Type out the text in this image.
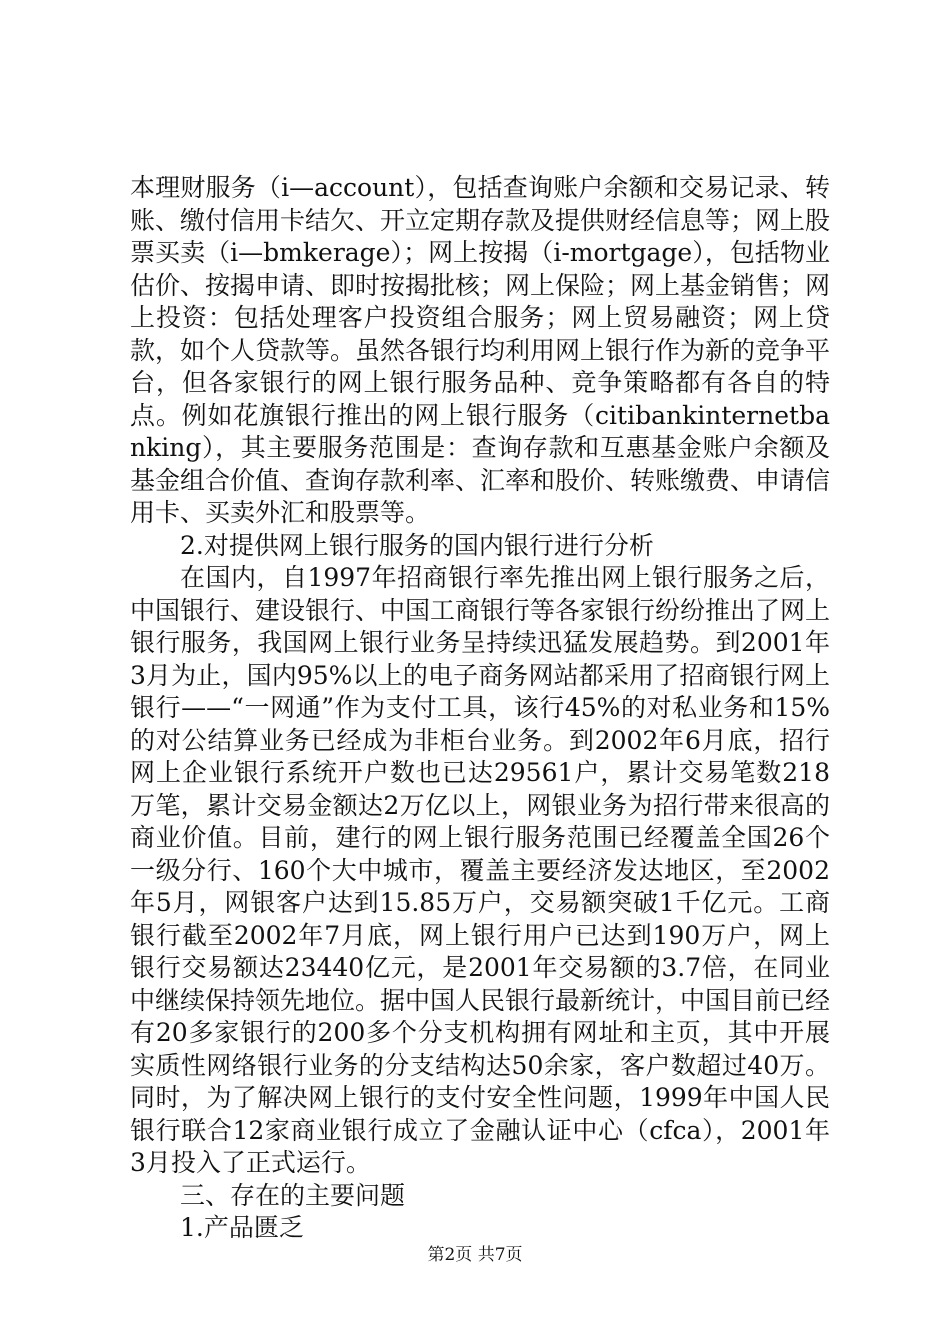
本理财服务（i—account），包括查询账户余额和交易记录、转账、缴付信用卡结欠、开立定期存款及提供财经信息等；网上股票买卖（i—bmkerage）；网上按揭（i-mortgage），包括物业估价、按揭申请、即时按揭批核；网上保险；网上基金销售；网上投资：包括处理客户投资组合服务；网上贸易融资；网上贷款，如个人贷款等。虽然各银行均利用网上银行作为新的竞争平台，但各家银行的网上银行服务品种、竞争策略都有各自的特点。例如花旗银行推出的网上银行服务（citibankinternetbanking），其主要服务范围是：查询存款和互惠基金账户余额及基金组合价值、查询存款利率、汇率和股价、转账缴费、申请信用卡、买卖外汇和股票等。

2.对提供网上银行服务的国内银行进行分析

在国内，自1997年招商银行率先推出网上银行服务之后，中国银行、建设银行、中国工商银行等各家银行纷纷推出了网上银行服务，我国网上银行业务呈持续迅猛发展趋势。到2001年3月为止，国内95%以上的电子商务网站都采用了招商银行网上银行——“一网通”作为支付工具，该行45%的对私业务和15%的对公结算业务已经成为非柜台业务。到2002年6月底，招行网上企业银行系统开户数也已达29561户，累计交易笔数218万笔，累计交易金额达2万亿以上，网银业务为招行带来很高的商业价值。目前，建行的网上银行服务范围已经覆盖全国26个一级分行、160个大中城市，覆盖主要经济发达地区，至2002年5月，网银客户达到15.85万户，交易额突破1千亿元。工商银行截至2002年7月底，网上银行用户已达到190万户，网上银行交易额达23440亿元，是2001年交易额的3.7倍，在同业中继续保持领先地位。据中国人民银行最新统计，中国目前已经有20多家银行的200多个分支机构拥有网址和主页，其中开展实质性网络银行业务的分支结构达50余家，客户数超过40万。同时，为了解决网上银行的支付安全性问题，1999年中国人民银行联合12家商业银行成立了金融认证中心（cfca），2001年3月投入了正式运行。

三、存在的主要问题

1.产品匮乏

第2页 共7页
